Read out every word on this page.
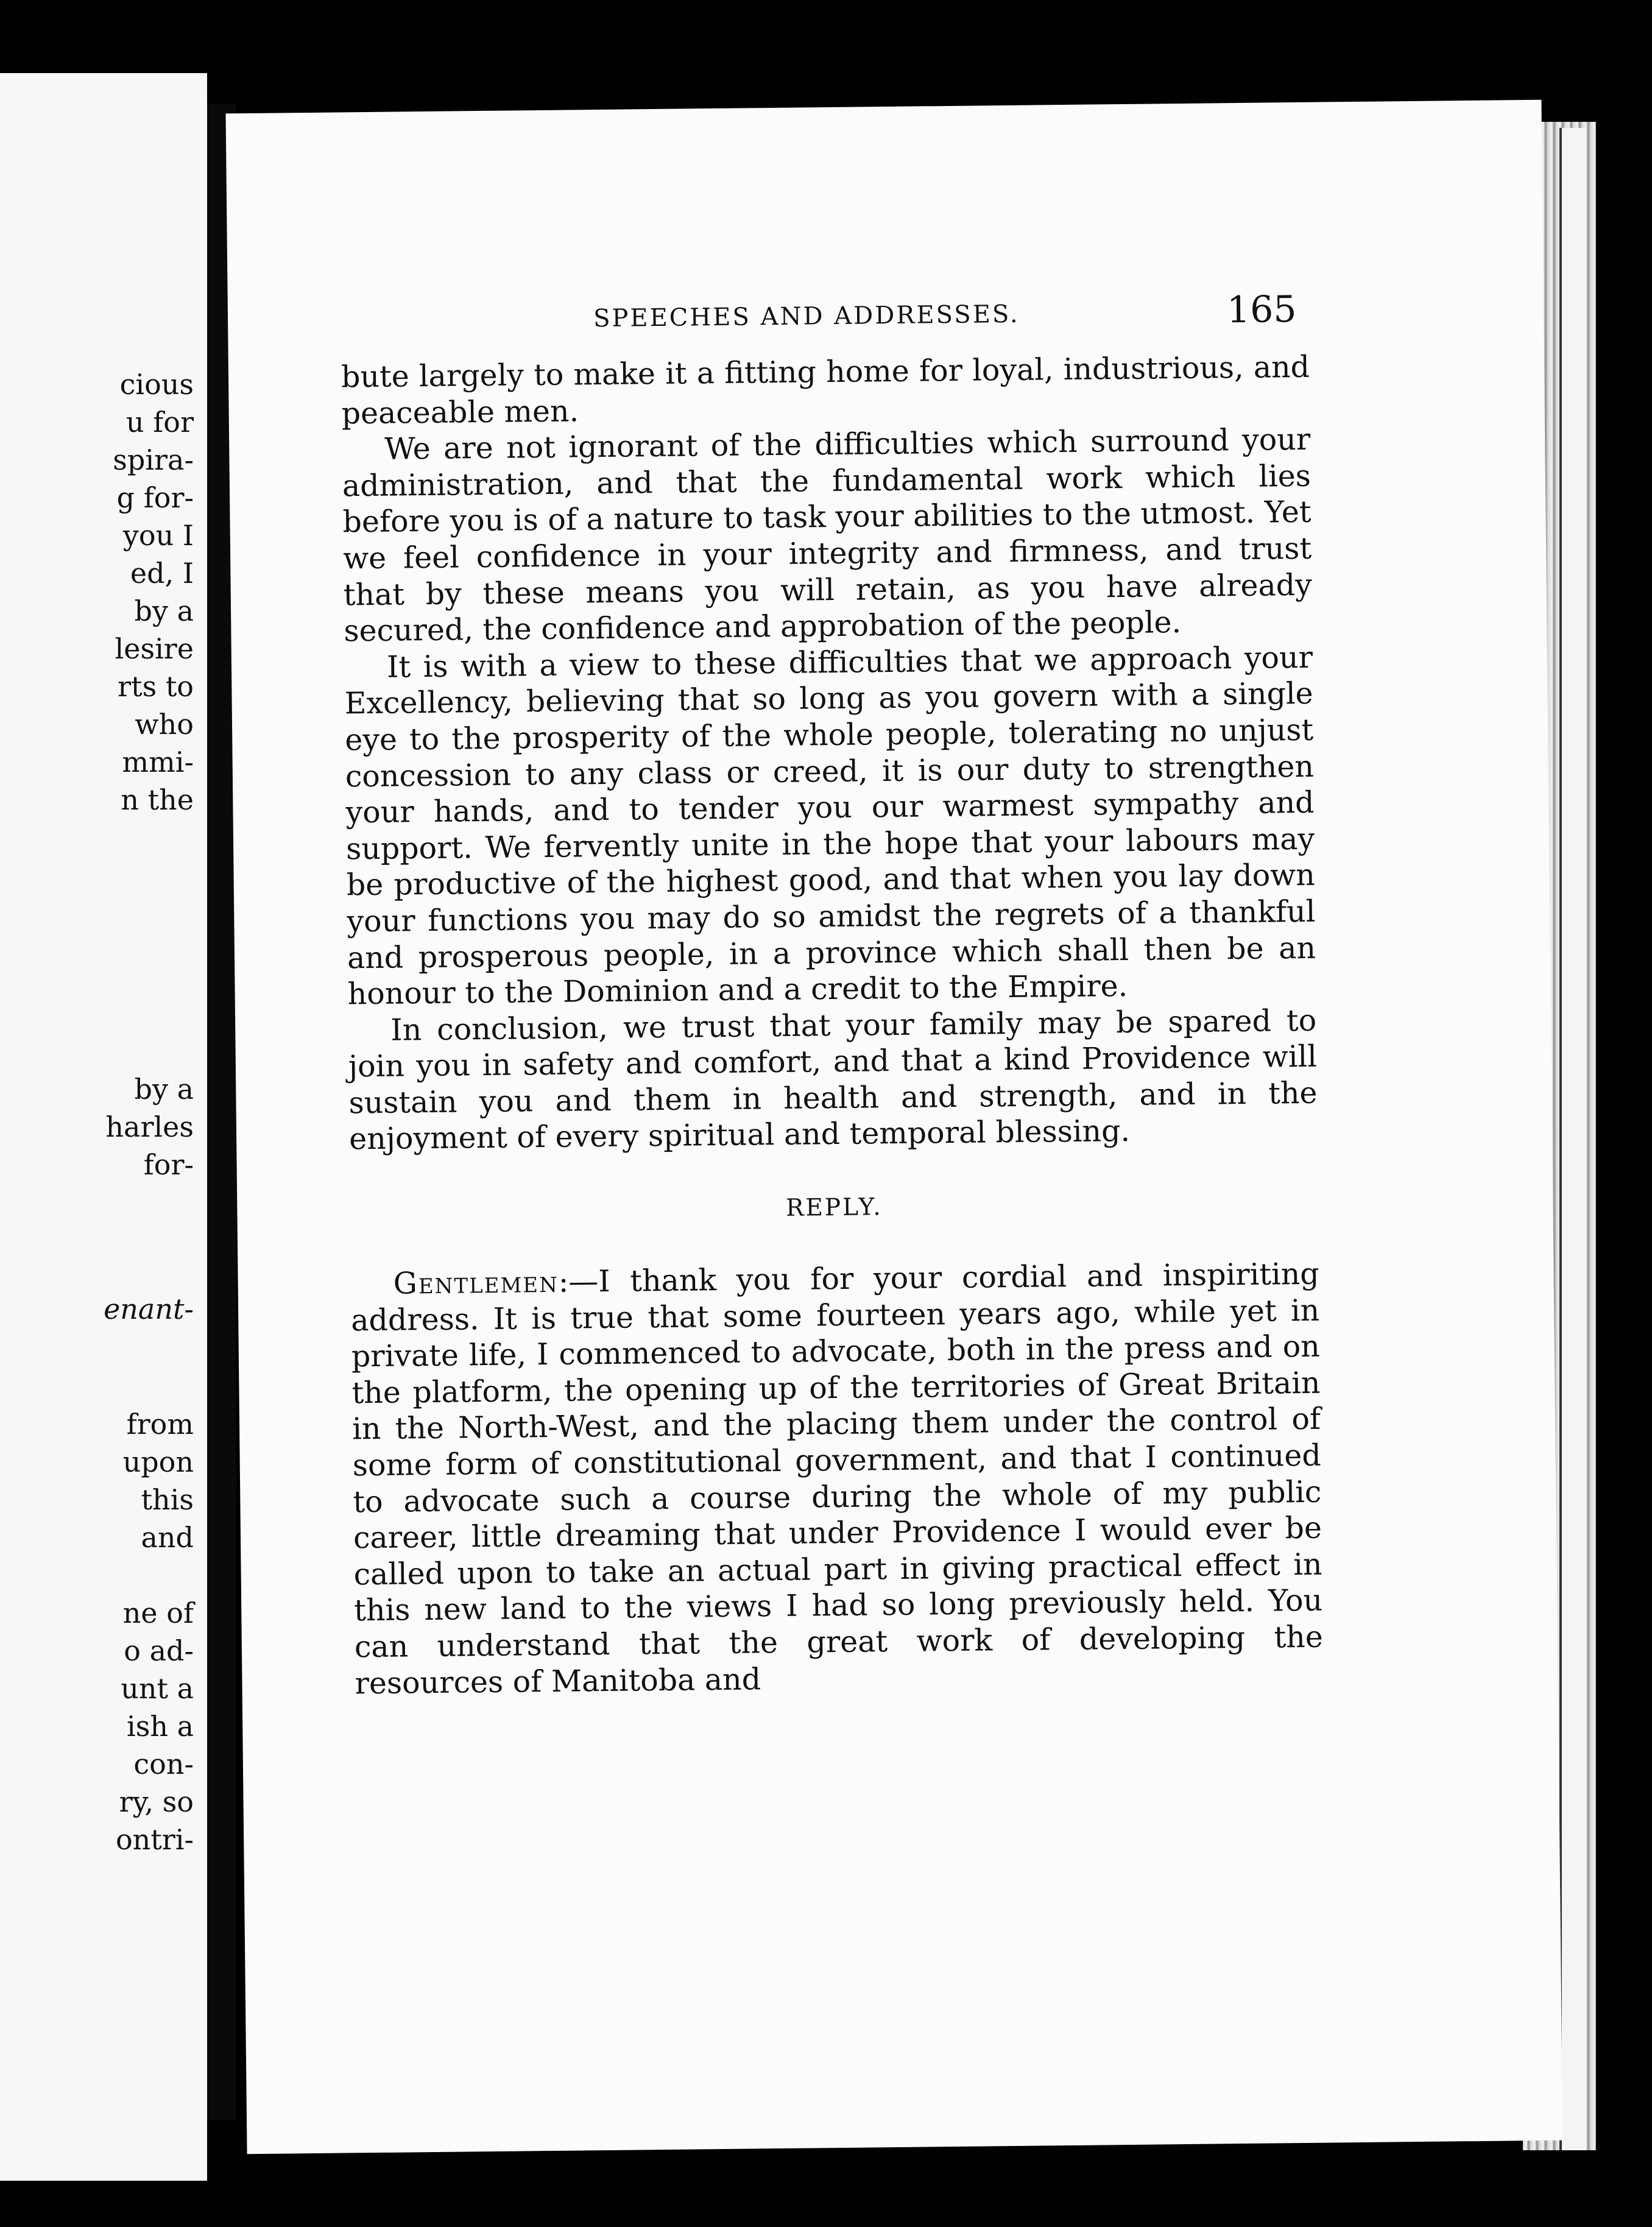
cious
u for
spira-
g for-
you I
ed, I
by a
lesire
rts to
who
mmi-
n the
by a
harles
for-
enant-
from
upon
this
and
ne of
o ad-
unt a
ish a
con-
ry, so
ontri-
SPEECHES AND ADDRESSES.	165

bute largely to make it a fitting home for loyal, industrious, and peaceable men.

We are not ignorant of the difficulties which surround your administration, and that the fundamental work which lies before you is of a nature to task your abilities to the utmost. Yet we feel confidence in your integrity and firmness, and trust that by these means you will retain, as you have already secured, the confidence and approbation of the people.

It is with a view to these difficulties that we approach your Excellency, believing that so long as you govern with a single eye to the prosperity of the whole people, tolerating no unjust concession to any class or creed, it is our duty to strengthen your hands, and to tender you our warmest sympathy and support. We fervently unite in the hope that your labours may be productive of the highest good, and that when you lay down your functions you may do so amidst the regrets of a thankful and prosperous people, in a province which shall then be an honour to the Dominion and a credit to the Empire.

In conclusion, we trust that your family may be spared to join you in safety and comfort, and that a kind Providence will sustain you and them in health and strength, and in the enjoyment of every spiritual and temporal blessing.

REPLY.

Gentlemen:—I thank you for your cordial and inspiriting address. It is true that some fourteen years ago, while yet in private life, I commenced to advocate, both in the press and on the platform, the opening up of the territories of Great Britain in the North-West, and the placing them under the control of some form of constitutional government, and that I continued to advocate such a course during the whole of my public career, little dreaming that under Providence I would ever be called upon to take an actual part in giving practical effect in this new land to the views I had so long previously held. You can understand that the great work of developing the resources of Manitoba and
